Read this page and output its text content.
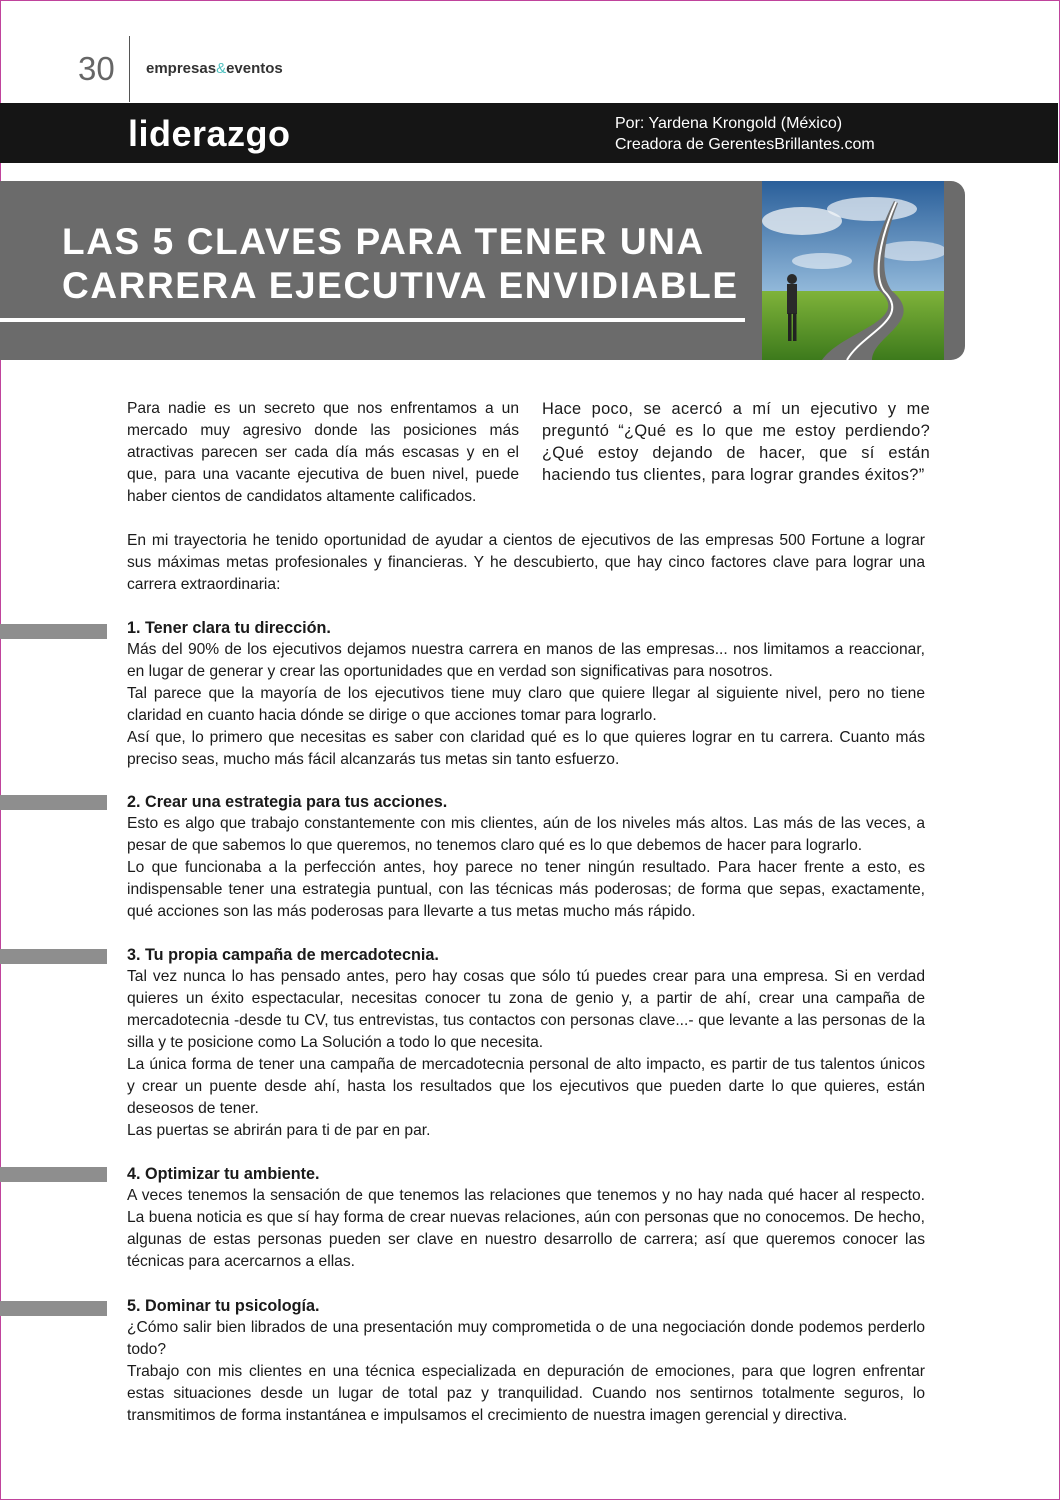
30 empresas&eventos
liderazgo	Por: Yardena Krongold (México)
Creadora de GerentesBrillantes.com
LAS 5 CLAVES PARA TENER UNA
CARRERA EJECUTIVA ENVIDIABLE
Para nadie es un secreto que nos enfrentamos a un mercado muy agresivo donde las posiciones más atractivas parecen ser cada día más escasas y en el que, para una vacante ejecutiva de buen nivel, puede haber cientos de candidatos altamente calificados.
Hace poco, se acercó a mí un ejecutivo y me preguntó “¿Qué es lo que me estoy perdiendo? ¿Qué estoy dejando de hacer, que sí están haciendo tus clientes, para lograr grandes éxitos?”
En mi trayectoria he tenido oportunidad de ayudar a cientos de ejecutivos de las empresas 500 Fortune a lograr sus máximas metas profesionales y financieras. Y he descubierto, que hay cinco factores clave para lograr una carrera extraordinaria:
1. Tener clara tu dirección.

Más del 90% de los ejecutivos dejamos nuestra carrera en manos de las empresas... nos limitamos a reaccionar, en lugar de generar y crear las oportunidades que en verdad son significativas para nosotros.

Tal parece que la mayoría de los ejecutivos tiene muy claro que quiere llegar al siguiente nivel, pero no tiene claridad en cuanto hacia dónde se dirige o que acciones tomar para lograrlo.

Así que, lo primero que necesitas es saber con claridad qué es lo que quieres lograr en tu carrera. Cuanto más preciso seas, mucho más fácil alcanzarás tus metas sin tanto esfuerzo.

2. Crear una estrategia para tus acciones.

Esto es algo que trabajo constantemente con mis clientes, aún de los niveles más altos. Las más de las veces, a pesar de que sabemos lo que queremos, no tenemos claro qué es lo que debemos de hacer para lograrlo.

Lo que funcionaba a la perfección antes, hoy parece no tener ningún resultado. Para hacer frente a esto, es indispensable tener una estrategia puntual, con las técnicas más poderosas; de forma que sepas, exactamente, qué acciones son las más poderosas para llevarte a tus metas mucho más rápido.

3. Tu propia campaña de mercadotecnia.

Tal vez nunca lo has pensado antes, pero hay cosas que sólo tú puedes crear para una empresa. Si en verdad quieres un éxito espectacular, necesitas conocer tu zona de genio y, a partir de ahí, crear una campaña de mercadotecnia -desde tu CV, tus entrevistas, tus contactos con personas clave...- que levante a las personas de la silla y te posicione como La Solución a todo lo que necesita.

La única forma de tener una campaña de mercadotecnia personal de alto impacto, es partir de tus talentos únicos y crear un puente desde ahí, hasta los resultados que los ejecutivos que pueden darte lo que quieres, están deseosos de tener.

Las puertas se abrirán para ti de par en par.

4. Optimizar tu ambiente.

A veces tenemos la sensación de que tenemos las relaciones que tenemos y no hay nada qué hacer al respecto. La buena noticia es que sí hay forma de crear nuevas relaciones, aún con personas que no conocemos. De hecho, algunas de estas personas pueden ser clave en nuestro desarrollo de carrera; así que queremos conocer las técnicas para acercarnos a ellas.

5. Dominar tu psicología.

¿Cómo salir bien librados de una presentación muy comprometida o de una negociación donde podemos perderlo todo?

Trabajo con mis clientes en una técnica especializada en depuración de emociones, para que logren enfrentar estas situaciones desde un lugar de total paz y tranquilidad. Cuando nos sentirnos totalmente seguros, lo transmitimos de forma instantánea e impulsamos el crecimiento de nuestra imagen gerencial y directiva.
